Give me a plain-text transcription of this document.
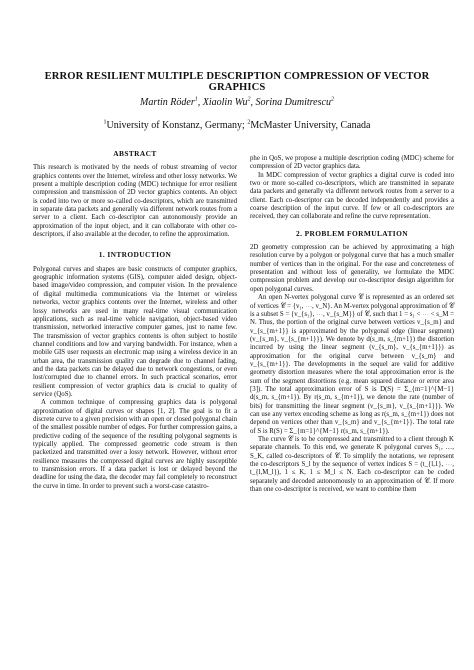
ERROR RESILIENT MULTIPLE DESCRIPTION COMPRESSION OF VECTOR GRAPHICS
Martin Röder$^1$, Xiaolin Wu$^2$, Sorina Dumitrescu$^2$
$^1$University of Konstanz, Germany; $^2$McMaster University, Canada
ABSTRACT

This research is motivated by the needs of robust streaming of vector graphics contents over the Internet, wireless and other lossy networks. We present a multiple description coding (MDC) technique for error resilient compression and transmission of 2D vector graphics contents. An object is coded into two or more so-called co-descriptors, which are transmitted in separate data packets and generally via different network routes from a server to a client. Each co-descriptor can autonomously provide an approximation of the input object, and it can collaborate with other co-descriptors, if also available at the decoder, to refine the approximation.

1. INTRODUCTION

Polygonal curves and shapes are basic constructs of computer graphics, geographic information systems (GIS), computer aided design, object-based image/video compression, and computer vision. In the prevalence of digital multimedia communications via the Internet or wireless networks, vector graphics contents over the Internet, wireless and other lossy networks are used in many real-time visual communication applications, such as real-time vehicle navigation, object-based video transmission, networked interactive computer games, just to name few. The transmission of vector graphics contents is often subject to hostile channel conditions and low and varying bandwidth. For instance, when a mobile GIS user requests an electronic map using a wireless device in an urban area, the transmission quality can degrade due to channel fading, and the data packets can be delayed due to network congestions, or even lost/corrupted due to channel errors. In such practical scenarios, error resilient compression of vector graphics data is crucial to quality of service (QoS).

A common technique of compressing graphics data is polygonal approximation of digital curves or shapes [1, 2]. The goal is to fit a discrete curve to a given precision with an open or closed polygonal chain of the smallest possible number of edges. For further compression gains, a predictive coding of the sequence of the resulting polygonal segments is typically applied. The compressed geometric code stream is then packetized and transmitted over a lossy network. However, without error resilience measures the compressed digital curves are highly susceptible to transmission errors. If a data packet is lost or delayed beyond the deadline for using the data, the decoder may fail completely to reconstruct the curve in time. In order to prevent such a worst-case catastro-

phe in QoS, we propose a multiple description coding (MDC) scheme for compression of 2D vector graphics data.

In MDC compression of vector graphics a digital curve is coded into two or more so-called co-descriptors, which are transmitted in separate data packets and generally via different network routes from a server to a client. Each co-descriptor can be decoded independently and provides a coarse description of the input curve. If few or all co-descriptors are received, they can collaborate and refine the curve representation.

2. PROBLEM FORMULATION

2D geometry compression can be achieved by approximating a high resolution curve by a polygon or polygonal curve that has a much smaller number of vertices than in the original. For the ease and concreteness of presentation and without loss of generality, we formulate the MDC compression problem and develop our co-descriptor design algorithm for open polygonal curves.

An open N-vertex polygonal curve 𝒞 is represented as an ordered set of vertices 𝒞 = {v₁, ⋯, v_N}. An M-vertex polygonal approximation of 𝒞 is a subset S = {v_{s₁}, ⋯, v_{s_M}} of 𝒞, such that 1 = s₁ < ⋯ < s_M = N. Thus, the portion of the original curve between vertices v_{s_m} and v_{s_{m+1}} is approximated by the polygonal edge (linear segment) (v_{s_m}, v_{s_{m+1}}). We denote by d(s_m, s_{m+1}) the distortion incurred by using the linear segment (v_{s_m}, v_{s_{m+1}}) as approximation for the original curve between v_{s_m} and v_{s_{m+1}}. The developments in the sequel are valid for additive geometry distortion measures where the total approximation error is the sum of the segment distortions (e.g. mean squared distance or error area [3]). The total approximation error of S is D(S) = Σ_{m=1}^{M−1} d(s_m, s_{m+1}). By r(s_m, s_{m+1}), we denote the rate (number of bits) for transmitting the linear segment (v_{s_m}, v_{s_{m+1}}). We can use any vertex encoding scheme as long as r(s_m, s_{m+1}) does not depend on vertices other than v_{s_m} and v_{s_{m+1}}. The total rate of S is R(S) = Σ_{m=1}^{M−1} r(s_m, s_{m+1}).

The curve 𝒞 is to be compressed and transmitted to a client through K separate channels. To this end, we generate K polygonal curves S₁, …, S_K, called co-descriptors of 𝒞. To simplify the notations, we represent the co-descriptors S_l by the sequence of vertex indices S = (t_{l,1}, ⋯, t_{l,M_l}), 1 ≤ K, 1 ≤ M_l ≤ N. Each co-descriptor can be coded separately and decoded autonomously to an approximation of 𝒞. If more than one co-descriptor is received, we want to combine them
